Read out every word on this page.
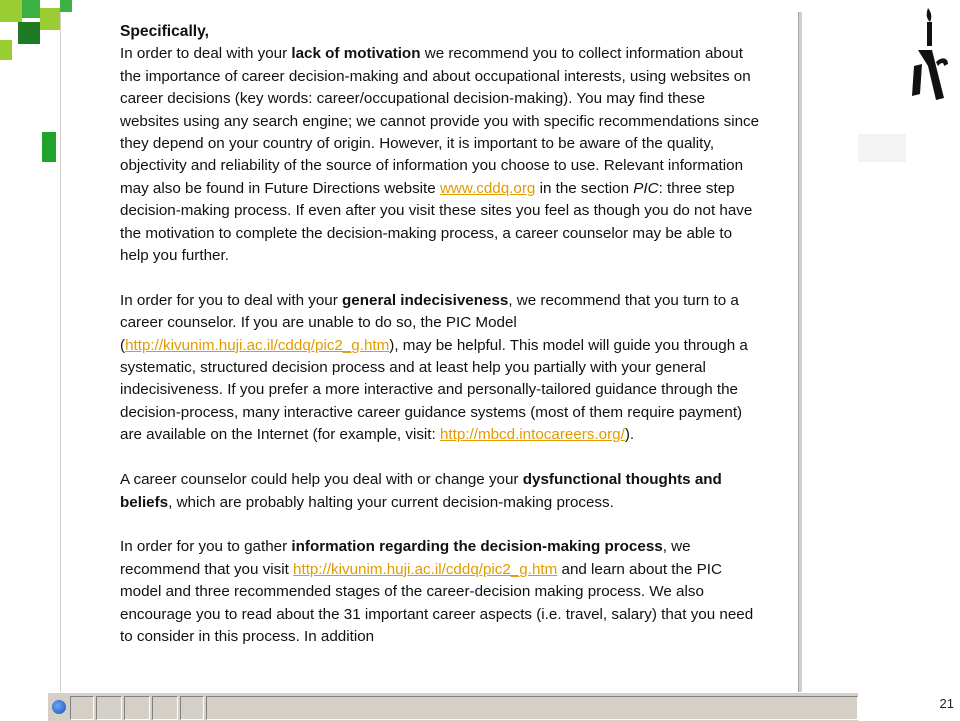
Specifically,

In order to deal with your lack of motivation we recommend you to collect information about the importance of career decision-making and about occupational interests, using websites on career decisions (key words: career/occupational decision-making). You may find these websites using any search engine; we cannot provide you with specific recommendations since they depend on your country of origin. However, it is important to be aware of the quality, objectivity and reliability of the source of information you choose to use. Relevant information may also be found in Future Directions website www.cddq.org in the section PIC: three step decision-making process. If even after you visit these sites you feel as though you do not have the motivation to complete the decision-making process, a career counselor may be able to help you further.

In order for you to deal with your general indecisiveness, we recommend that you turn to a career counselor. If you are unable to do so, the PIC Model (http://kivunim.huji.ac.il/cddq/pic2_g.htm), may be helpful. This model will guide you through a systematic, structured decision process and at least help you partially with your general indecisiveness. If you prefer a more interactive and personally-tailored guidance through the decision-process, many interactive career guidance systems (most of them require payment) are available on the Internet (for example, visit: http://mbcd.intocareers.org/).

A career counselor could help you deal with or change your dysfunctional thoughts and beliefs, which are probably halting your current decision-making process.

In order for you to gather information regarding the decision-making process, we recommend that you visit http://kivunim.huji.ac.il/cddq/pic2_g.htm and learn about the PIC model and three recommended stages of the career-decision making process. We also encourage you to read about the 31 important career aspects (i.e. travel, salary) that you need to consider in this process. In addition

21
